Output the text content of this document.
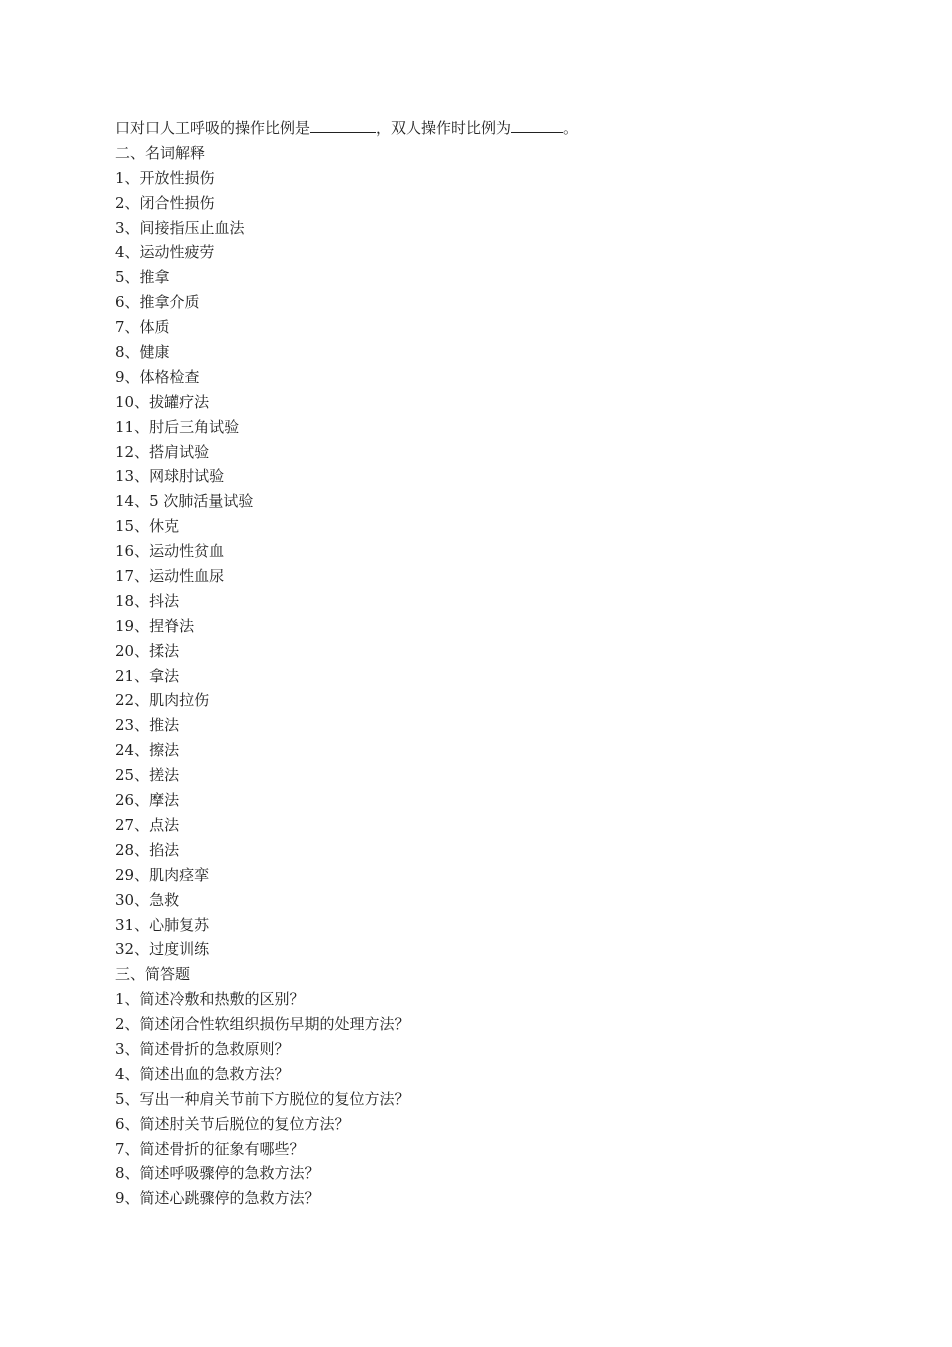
口对口人工呼吸的操作比例是	，双人操作时比例为	。
二、名词解释
1、开放性损伤
2、闭合性损伤
3、间接指压止血法
4、运动性疲劳
5、推拿
6、推拿介质
7、体质
8、健康
9、体格检查
10、拔罐疗法
11、肘后三角试验
12、搭肩试验
13、网球肘试验
14、5 次肺活量试验
15、休克
16、运动性贫血
17、运动性血尿
18、抖法
19、捏脊法
20、揉法
21、拿法
22、肌肉拉伤
23、推法
24、擦法
25、搓法
26、摩法
27、点法
28、掐法
29、肌肉痉挛
30、急救
31、心肺复苏
32、过度训练
三、简答题
1、简述冷敷和热敷的区别？
2、简述闭合性软组织损伤早期的处理方法？
3、简述骨折的急救原则？
4、简述出血的急救方法？
5、写出一种肩关节前下方脱位的复位方法？
6、简述肘关节后脱位的复位方法？
7、简述骨折的征象有哪些？
8、简述呼吸骤停的急救方法？
9、简述心跳骤停的急救方法？
